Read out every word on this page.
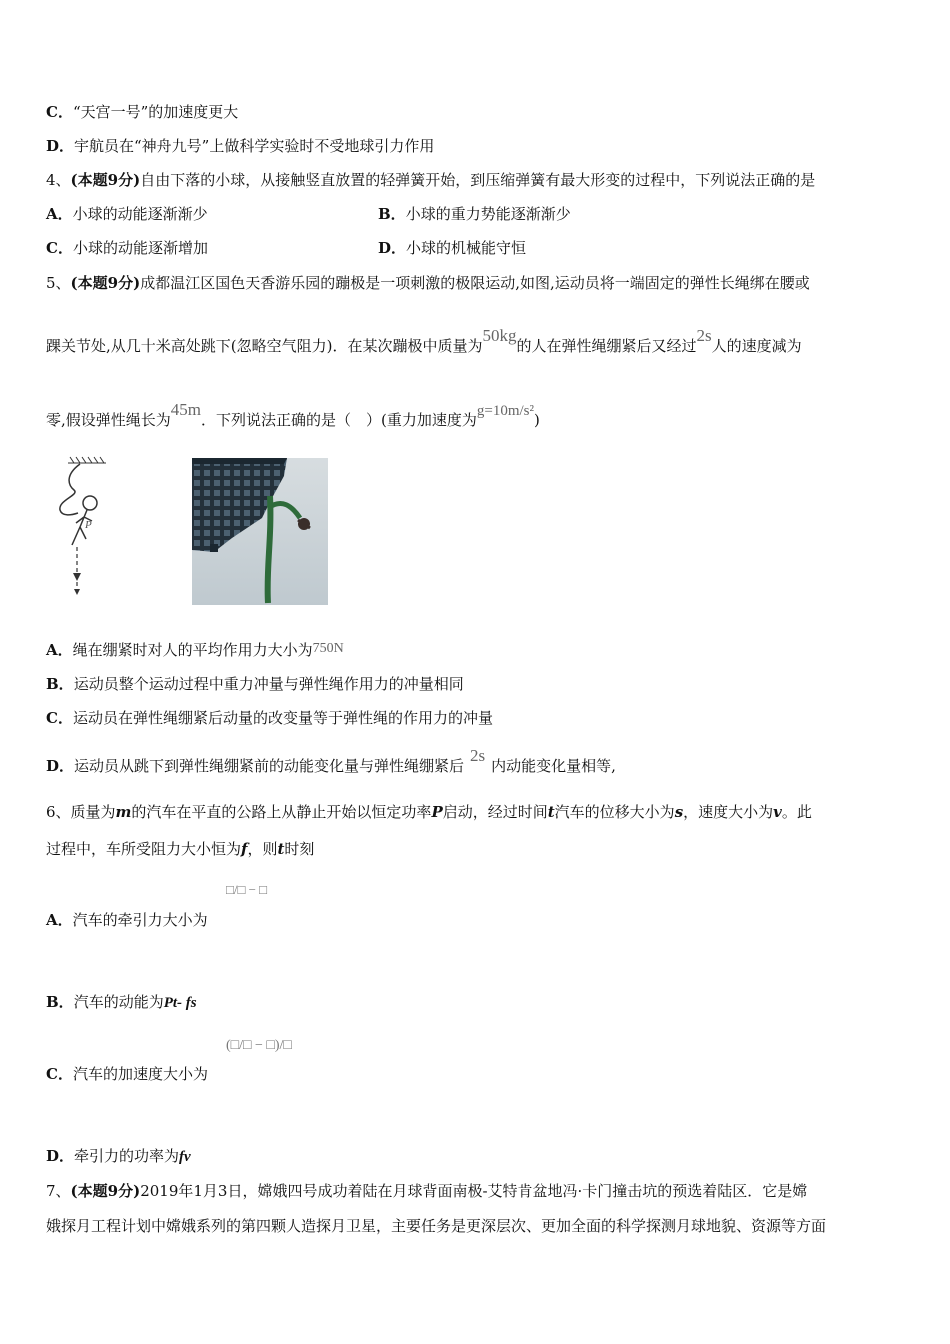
C．“天宫一号”的加速度更大
D．宇航员在“神舟九号”上做科学实验时不受地球引力作用
4、(本题9分)自由下落的小球，从接触竖直放置的轻弹簧开始，到压缩弹簧有最大形变的过程中，下列说法正确的是
A．小球的动能逐渐渐少	B．小球的重力势能逐渐渐少
C．小球的动能逐渐增加	D．小球的机械能守恒
5、(本题9分)成都温江区国色天香游乐园的蹦极是一项刺激的极限运动,如图,运动员将一端固定的弹性长绳绑在腰或
踝关节处,从几十米高处跳下(忽略空气阻力)．在某次蹦极中质量为50kg的人在弹性绳绷紧后又经过2s人的速度减为
零,假设弹性绳长为45m．下列说法正确的是（　）(重力加速度为g=10m/s²)
P
A．绳在绷紧时对人的平均作用力大小为750N
B．运动员整个运动过程中重力冲量与弹性绳作用力的冲量相同
C．运动员在弹性绳绷紧后动量的改变量等于弹性绳的作用力的冲量
D．运动员从跳下到弹性绳绷紧前的动能变化量与弹性绳绷紧后2s内动能变化量相等,
6、质量为m的汽车在平直的公路上从静止开始以恒定功率P启动，经过时间t汽车的位移大小为s，速度大小为v。此
过程中，车所受阻力大小恒为f，则t时刻
A．汽车的牵引力大小为
□/□ − □
B．汽车的动能为Pt- fs
C．汽车的加速度大小为
(□/□ − □)/□
D．牵引力的功率为fv
7、(本题9分)2019年1月3日，嫦娥四号成功着陆在月球背面南极-艾特肯盆地冯·卡门撞击坑的预选着陆区．它是嫦
娥探月工程计划中嫦娥系列的第四颗人造探月卫星，主要任务是更深层次、更加全面的科学探测月球地貌、资源等方面
